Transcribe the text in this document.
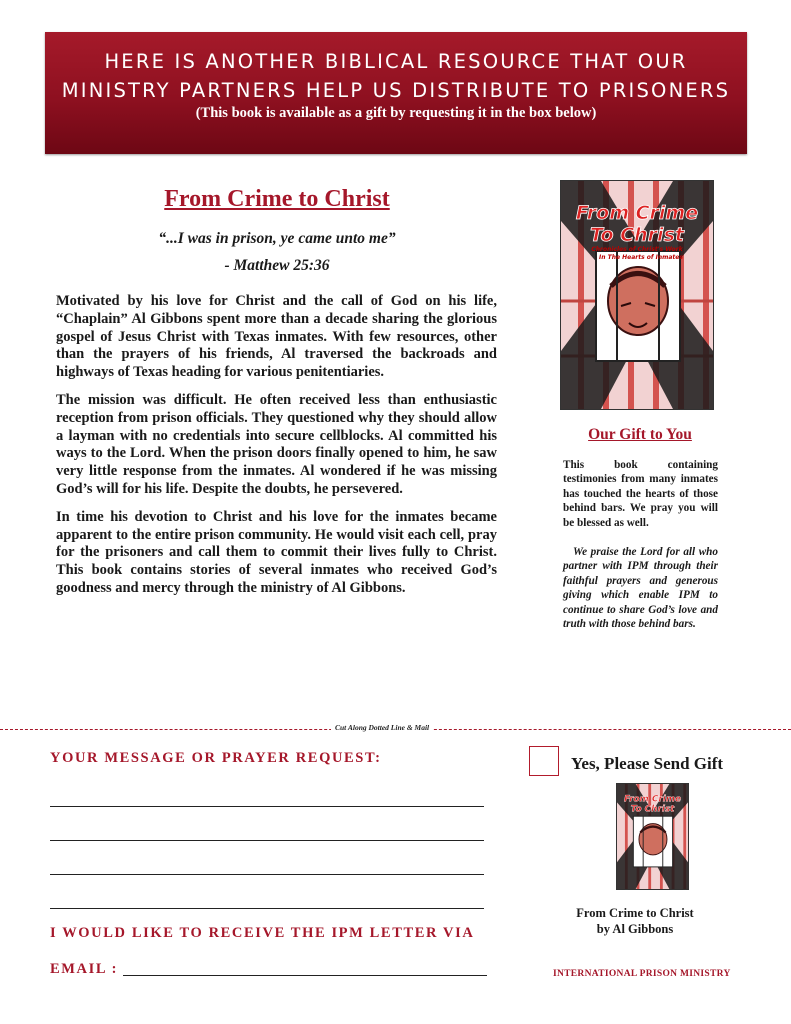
HERE IS ANOTHER BIBLICAL RESOURCE THAT OUR
MINISTRY PARTNERS HELP US DISTRIBUTE TO PRISONERS
(This book is available as a gift by requesting it in the box below)
From Crime to Christ
“...I was in prison, ye came unto me”
- Matthew 25:36

Motivated by his love for Christ and the call of God on his life, “Chaplain” Al Gibbons spent more than a decade sharing the glorious gospel of Jesus Christ with Texas inmates. With few resources, other than the prayers of his friends, Al traversed the backroads and highways of Texas heading for various penitentiaries.

The mission was difficult. He often received less than enthusiastic reception from prison officials. They questioned why they should allow a layman with no credentials into secure cellblocks. Al committed his ways to the Lord. When the prison doors finally opened to him, he saw very little response from the inmates. Al wondered if he was missing God’s will for his life. Despite the doubts, he persevered.

In time his devotion to Christ and his love for the inmates became apparent to the entire prison community. He would visit each cell, pray for the prisoners and call them to commit their lives fully to Christ. This book contains stories of several inmates who received God’s goodness and mercy through the ministry of Al Gibbons.

From Crime
To Christ
Chronicles of Christ's Work
In The Hearts of Inmates
Our Gift to You

This book containing testimonies from many inmates has touched the hearts of those behind bars. We pray you will be blessed as well.

We praise the Lord for all who partner with IPM through their faithful prayers and generous giving which enable IPM to continue to share God’s love and truth with those behind bars.

Cut Along Dotted Line & Mail
YOUR MESSAGE OR PRAYER REQUEST:
I WOULD LIKE TO RECEIVE THE IPM LETTER VIA
EMAIL :
Yes, Please Send Gift
From Crime
To Christ
From Crime to Christ
by Al Gibbons
INTERNATIONAL PRISON MINISTRY
